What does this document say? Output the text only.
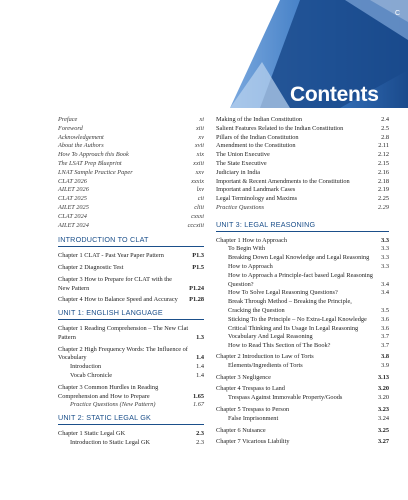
C
Contents
Preface	xi
Foreword	xiii
Acknowledgement	xv
About the Authors	xvii
How To Approach this Book	xix
The LSAT Prep Blueprint	xxiii
LNAT Sample Practice Paper	xxv
CLAT 2026	xxxix
AILET 2026	lxv
CLAT 2025	cii
AILET 2025	cliii
CLAT 2024	cxxxi
AILET 2024	cccxiii
INTRODUCTION TO CLAT
Chapter 1 CLAT - Past Year Paper Pattern	P1.3
Chapter 2 Diagnostic Test	P1.5
Chapter 3 How to Prepare for CLAT with the New Pattern	P1.24
Chapter 4 How to Balance Speed and Accuracy	P1.28
UNIT 1: ENGLISH LANGUAGE
Chapter 1 Reading Comprehension – The New Clat Pattern	1.3
Chapter 2 High Frequency Words: The Influence of Vocabulary	1.4
Introduction	1.4
Vocab Chronicle	1.4
Chapter 3 Common Hurdles in Reading Comprehension and How to Prepare	1.65
Practice Questions (New Pattern)	1.67
UNIT 2: STATIC LEGAL GK
Chapter 1 Static Legal GK	2.3
Introduction to Static Legal GK	2.3
Making of the Indian Constitution	2.4
Salient Features Related to the Indian Constitution	2.5
Pillars of the Indian Constitution	2.8
Amendment to the Constitution	2.11
The Union Executive	2.12
The State Executive	2.15
Judiciary in India	2.16
Important & Recent Amendments to the Constitution	2.18
Important and Landmark Cases	2.19
Legal Terminology and Maxims	2.25
Practice Questions	2.29
UNIT 3: LEGAL REASONING
Chapter 1 How to Approach	3.3
To Begin With	3.3
Breaking Down Legal Knowledge and Legal Reasoning	3.3
How to Approach	3.3
How to Approach a Principle-fact based Legal Reasoning Question?	3.4
How To Solve Legal Reasoning Questions?	3.4
Break Through Method – Breaking the Principle, Cracking the Question	3.5
Sticking To the Principle – No Extra-Legal Knowledge	3.6
Critical Thinking and Its Usage In Legal Reasoning	3.6
Vocabulary And Legal Reasoning	3.7
How to Read This Section of The Book?	3.7
Chapter 2 Introduction to Law of Torts	3.8
Elements/Ingredients of Torts	3.9
Chapter 3 Negligence	3.13
Chapter 4 Trespass to Land	3.20
Trespass Against Immovable Property/Goods	3.20
Chapter 5 Trespass to Person	3.23
False Imprisonment	3.24
Chapter 6 Nuisance	3.25
Chapter 7 Vicarious Liability	3.27
